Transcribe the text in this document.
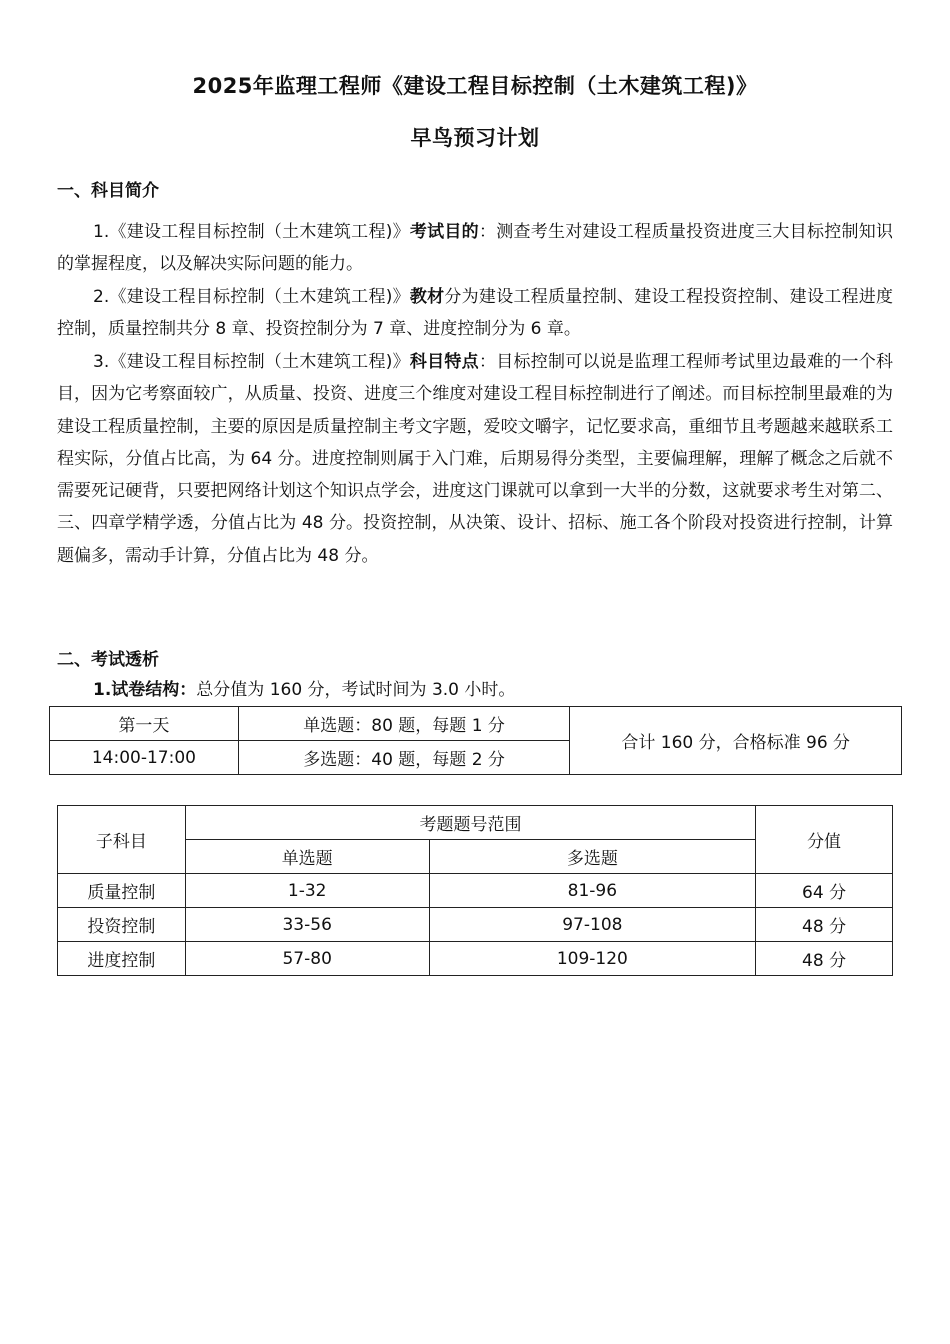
2025年监理工程师《建设工程目标控制（土木建筑工程)》
早鸟预习计划
一、科目简介

1.《建设工程目标控制（土木建筑工程)》考试目的：测查考生对建设工程质量投资进度三大目标控制知识的掌握程度，以及解决实际问题的能力。

2.《建设工程目标控制（土木建筑工程)》教材分为建设工程质量控制、建设工程投资控制、建设工程进度控制，质量控制共分 8 章、投资控制分为 7 章、进度控制分为 6 章。

3.《建设工程目标控制（土木建筑工程)》科目特点：目标控制可以说是监理工程师考试里边最难的一个科目，因为它考察面较广，从质量、投资、进度三个维度对建设工程目标控制进行了阐述。而目标控制里最难的为建设工程质量控制，主要的原因是质量控制主考文字题，爱咬文嚼字，记忆要求高，重细节且考题越来越联系工程实际，分值占比高，为 64 分。进度控制则属于入门难，后期易得分类型，主要偏理解，理解了概念之后就不需要死记硬背，只要把网络计划这个知识点学会，进度这门课就可以拿到一大半的分数，这就要求考生对第二、三、四章学精学透，分值占比为 48 分。投资控制，从决策、设计、招标、施工各个阶段对投资进行控制，计算题偏多，需动手计算，分值占比为 48 分。

二、考试透析
1.试卷结构：总分值为 160 分，考试时间为 3.0 小时。
第一天	单选题：80 题，每题 1 分	合计 160 分，合格标准 96 分
14:00-17:00	多选题：40 题，每题 2 分	
子科目	考题题号范围		分值
	单选题	多选题	
质量控制	1-32	81-96	64 分
投资控制	33-56	97-108	48 分
进度控制	57-80	109-120	48 分
